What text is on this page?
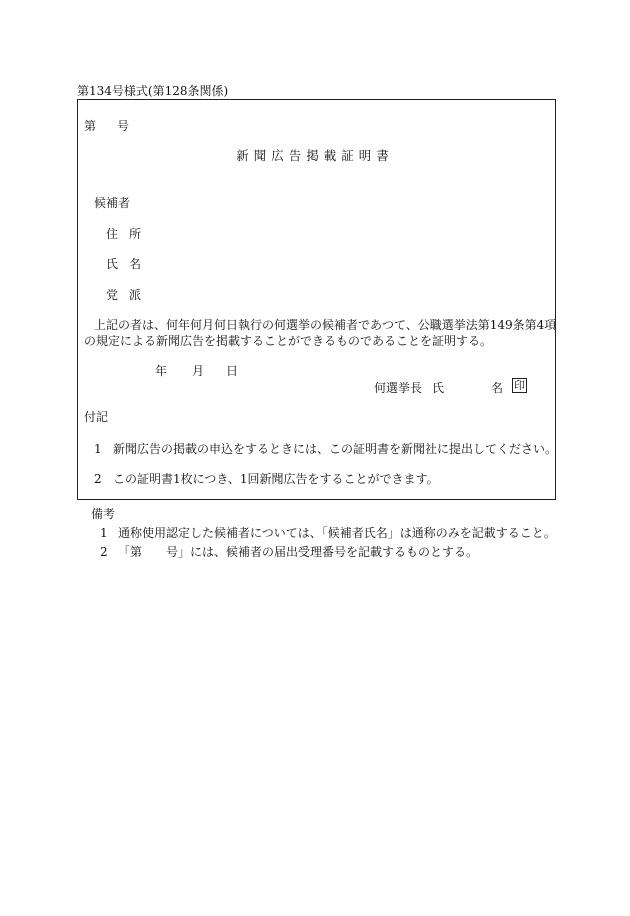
第134号様式(第128条関係)
第 号
新聞広告掲載証明書
候補者
住 所
氏 名
党 派
上記の者は、何年何月何日執行の何選挙の候補者であつて、公職選挙法第149条第4項
の規定による新聞広告を掲載することができるものであることを証明する。
年 月 日
何選挙長 氏	名 印
付記
1 新聞広告の掲載の申込をするときには、この証明書を新聞社に提出してください。
2 この証明書1枚につき、1回新聞広告をすることができます。
備考
1 通称使用認定した候補者については、「候補者氏名」は通称のみを記載すること。
2 「第　　号」には、候補者の届出受理番号を記載するものとする。
